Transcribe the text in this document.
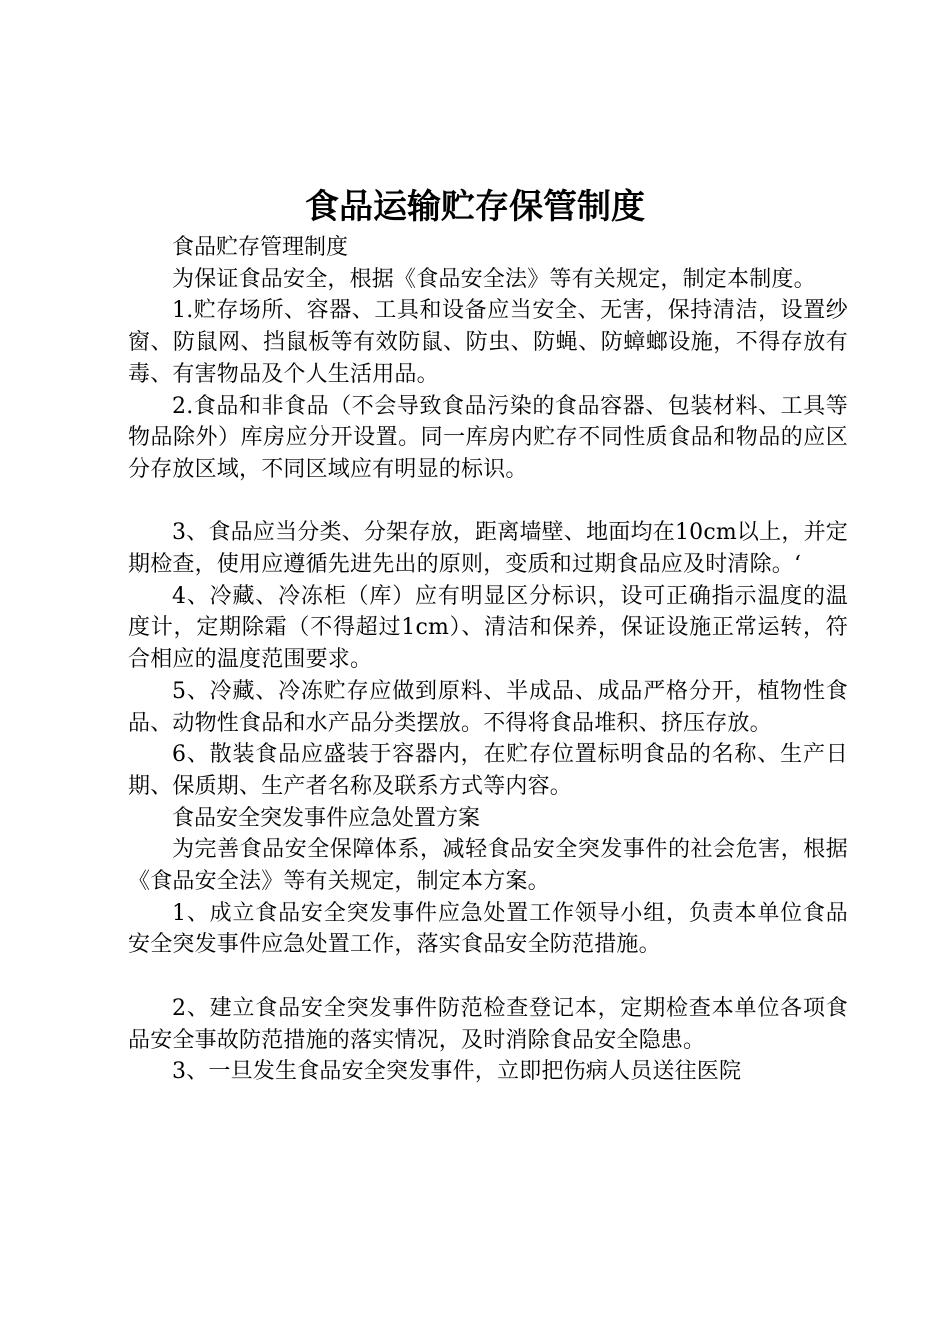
食品运输贮存保管制度

食品贮存管理制度

为保证食品安全，根据《食品安全法》等有关规定，制定本制度。

1.贮存场所、容器、工具和设备应当安全、无害，保持清洁，设置纱窗、防鼠网、挡鼠板等有效防鼠、防虫、防蝇、防蟑螂设施，不得存放有毒、有害物品及个人生活用品。

2.食品和非食品（不会导致食品污染的食品容器、包装材料、工具等物品除外）库房应分开设置。同一库房内贮存不同性质食品和物品的应区分存放区域，不同区域应有明显的标识。

3、食品应当分类、分架存放，距离墙壁、地面均在10cm以上，并定期检查，使用应遵循先进先出的原则，变质和过期食品应及时清除。‘

4、冷藏、冷冻柜（库）应有明显区分标识，设可正确指示温度的温度计，定期除霜（不得超过1cm）、清洁和保养，保证设施正常运转，符合相应的温度范围要求。

5、冷藏、冷冻贮存应做到原料、半成品、成品严格分开，植物性食品、动物性食品和水产品分类摆放。不得将食品堆积、挤压存放。

6、散装食品应盛装于容器内，在贮存位置标明食品的名称、生产日期、保质期、生产者名称及联系方式等内容。

食品安全突发事件应急处置方案

为完善食品安全保障体系，减轻食品安全突发事件的社会危害，根据《食品安全法》等有关规定，制定本方案。

1、成立食品安全突发事件应急处置工作领导小组，负责本单位食品安全突发事件应急处置工作，落实食品安全防范措施。

2、建立食品安全突发事件防范检查登记本，定期检查本单位各项食品安全事故防范措施的落实情况，及时消除食品安全隐患。

3、一旦发生食品安全突发事件，立即把伤病人员送往医院
